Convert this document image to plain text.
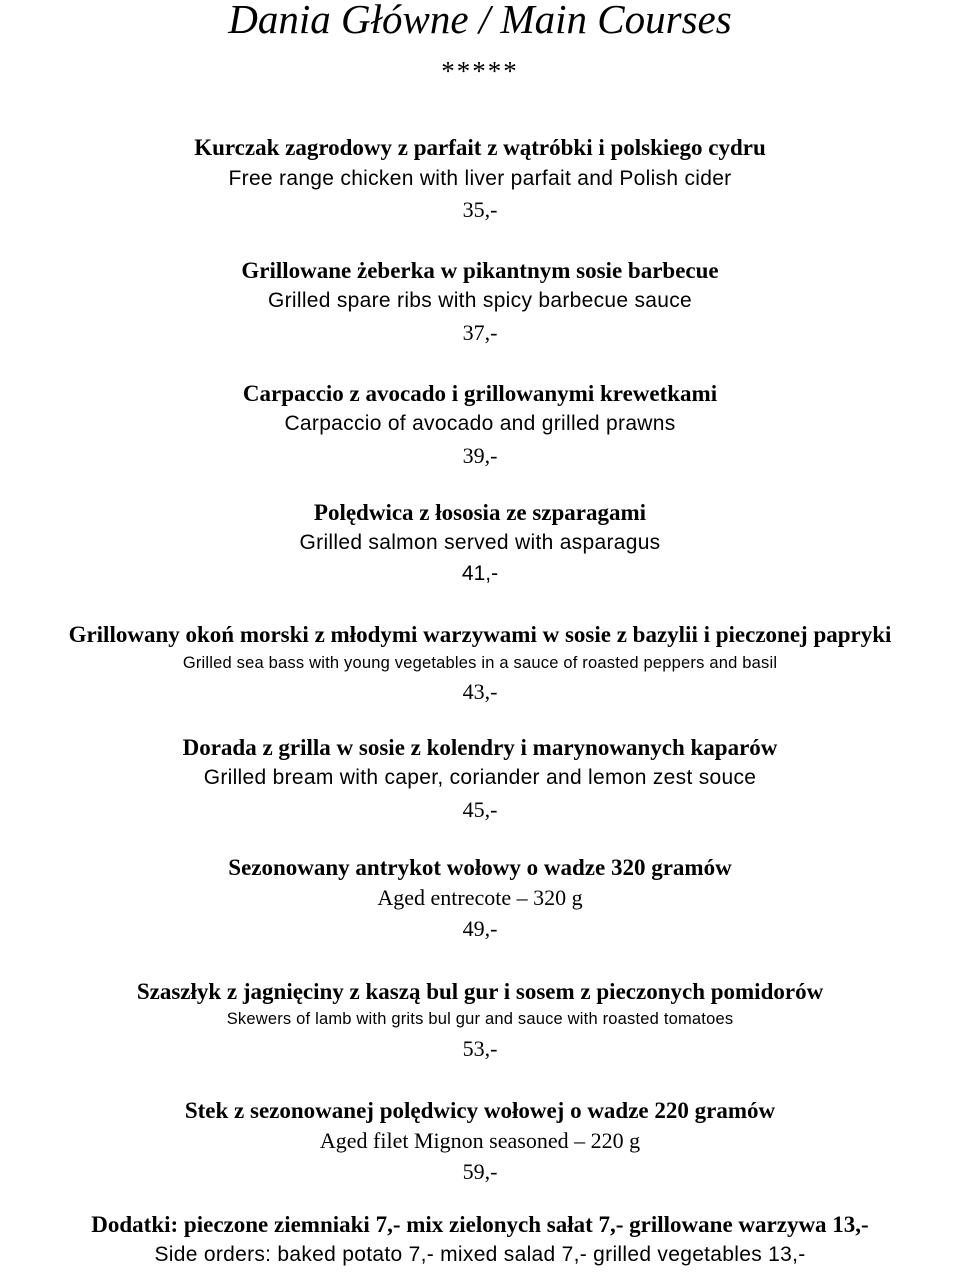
Dania Główne / Main Courses
*****
Kurczak zagrodowy z parfait z wątróbki i polskiego cydru
Free range chicken with liver parfait and Polish cider
35,-
Grillowane żeberka w pikantnym sosie barbecue
Grilled spare ribs with spicy barbecue sauce
37,-
Carpaccio z avocado i grillowanymi krewetkami
Carpaccio of avocado and grilled prawns
39,-
Polędwica z łososia ze szparagami
Grilled salmon served with asparagus
41,-
Grillowany okoń morski z młodymi warzywami w sosie z bazylii i pieczonej papryki
Grilled sea bass with young vegetables in a sauce of roasted peppers and basil
43,-
Dorada z grilla w sosie z kolendry i marynowanych kaparów
Grilled bream with caper, coriander and lemon zest souce
45,-
Sezonowany antrykot wołowy o wadze 320 gramów
Aged entrecote – 320 g
49,-
Szaszłyk z jagnięciny z kaszą bul gur i sosem z pieczonych pomidorów
Skewers of lamb with grits bul gur and sauce with roasted tomatoes
53,-
Stek z sezonowanej polędwicy wołowej o wadze 220 gramów
Aged filet Mignon seasoned – 220 g
59,-
Dodatki: pieczone ziemniaki 7,- mix zielonych sałat 7,- grillowane warzywa 13,-
Side orders: baked potato 7,- mixed salad 7,- grilled vegetables 13,-
